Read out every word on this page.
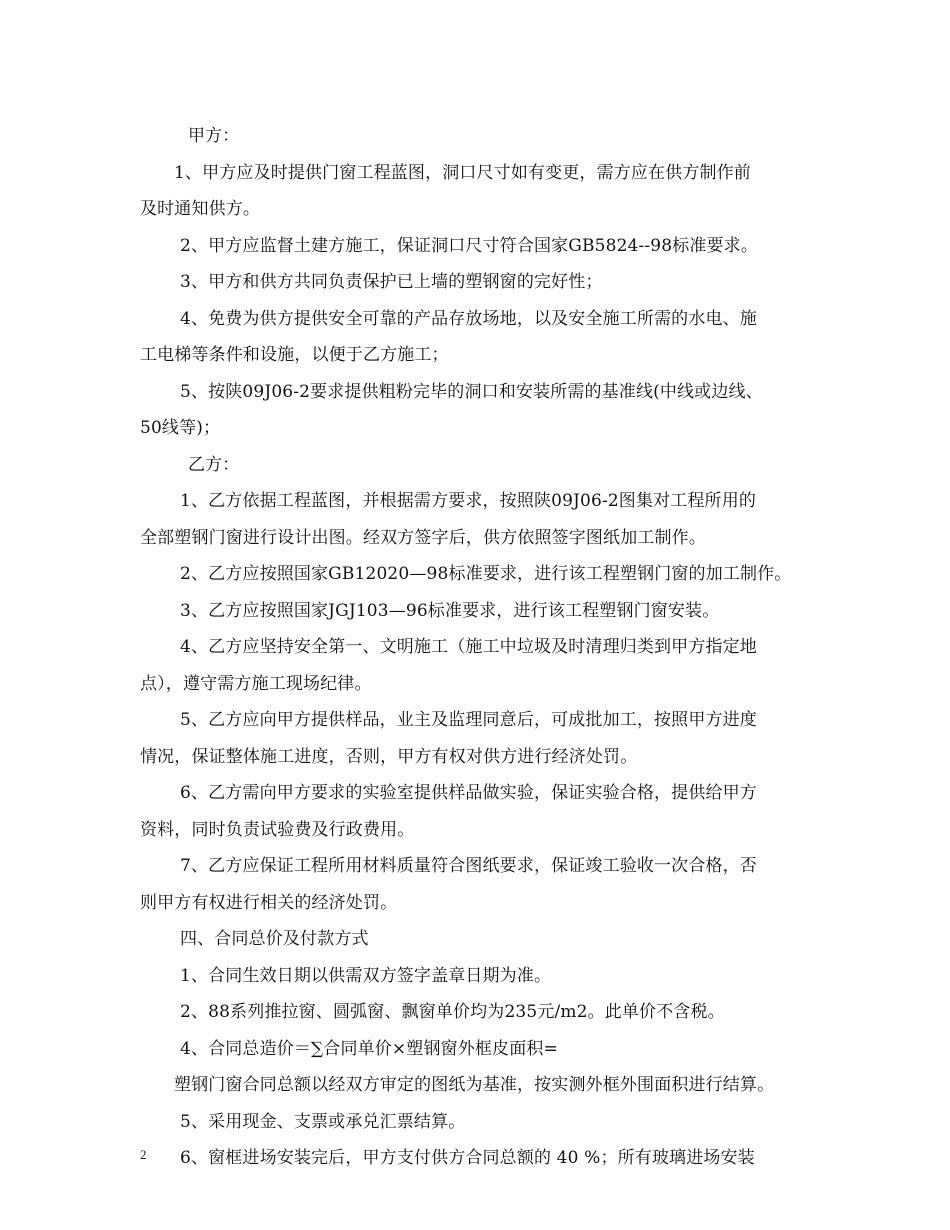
甲方：
1、甲方应及时提供门窗工程蓝图，洞口尺寸如有变更，需方应在供方制作前
及时通知供方。
2、甲方应监督土建方施工，保证洞口尺寸符合国家GB5824--98标准要求。
3、甲方和供方共同负责保护已上墙的塑钢窗的完好性；
4、免费为供方提供安全可靠的产品存放场地，以及安全施工所需的水电、施
工电梯等条件和设施，以便于乙方施工；
5、按陕09J06-2要求提供粗粉完毕的洞口和安装所需的基准线(中线或边线、
50线等)；
乙方：
1、乙方依据工程蓝图，并根据需方要求，按照陕09J06-2图集对工程所用的
全部塑钢门窗进行设计出图。经双方签字后，供方依照签字图纸加工制作。
2、乙方应按照国家GB12020—98标准要求，进行该工程塑钢门窗的加工制作。
3、乙方应按照国家JGJ103—96标准要求，进行该工程塑钢门窗安装。
4、乙方应坚持安全第一、文明施工（施工中垃圾及时清理归类到甲方指定地
点），遵守需方施工现场纪律。
5、乙方应向甲方提供样品，业主及监理同意后，可成批加工，按照甲方进度
情况，保证整体施工进度，否则，甲方有权对供方进行经济处罚。
6、乙方需向甲方要求的实验室提供样品做实验，保证实验合格，提供给甲方
资料，同时负责试验费及行政费用。
7、乙方应保证工程所用材料质量符合图纸要求，保证竣工验收一次合格，否
则甲方有权进行相关的经济处罚。
四、合同总价及付款方式
1、合同生效日期以供需双方签字盖章日期为准。
2、88系列推拉窗、圆弧窗、飘窗单价均为235元/m2。此单价不含税。
4、合同总造价＝∑合同单价×塑钢窗外框皮面积=
塑钢门窗合同总额以经双方审定的图纸为基准，按实测外框外围面积进行结算。
5、采用现金、支票或承兑汇票结算。
6、窗框进场安装完后，甲方支付供方合同总额的 40 %；所有玻璃进场安装
2
